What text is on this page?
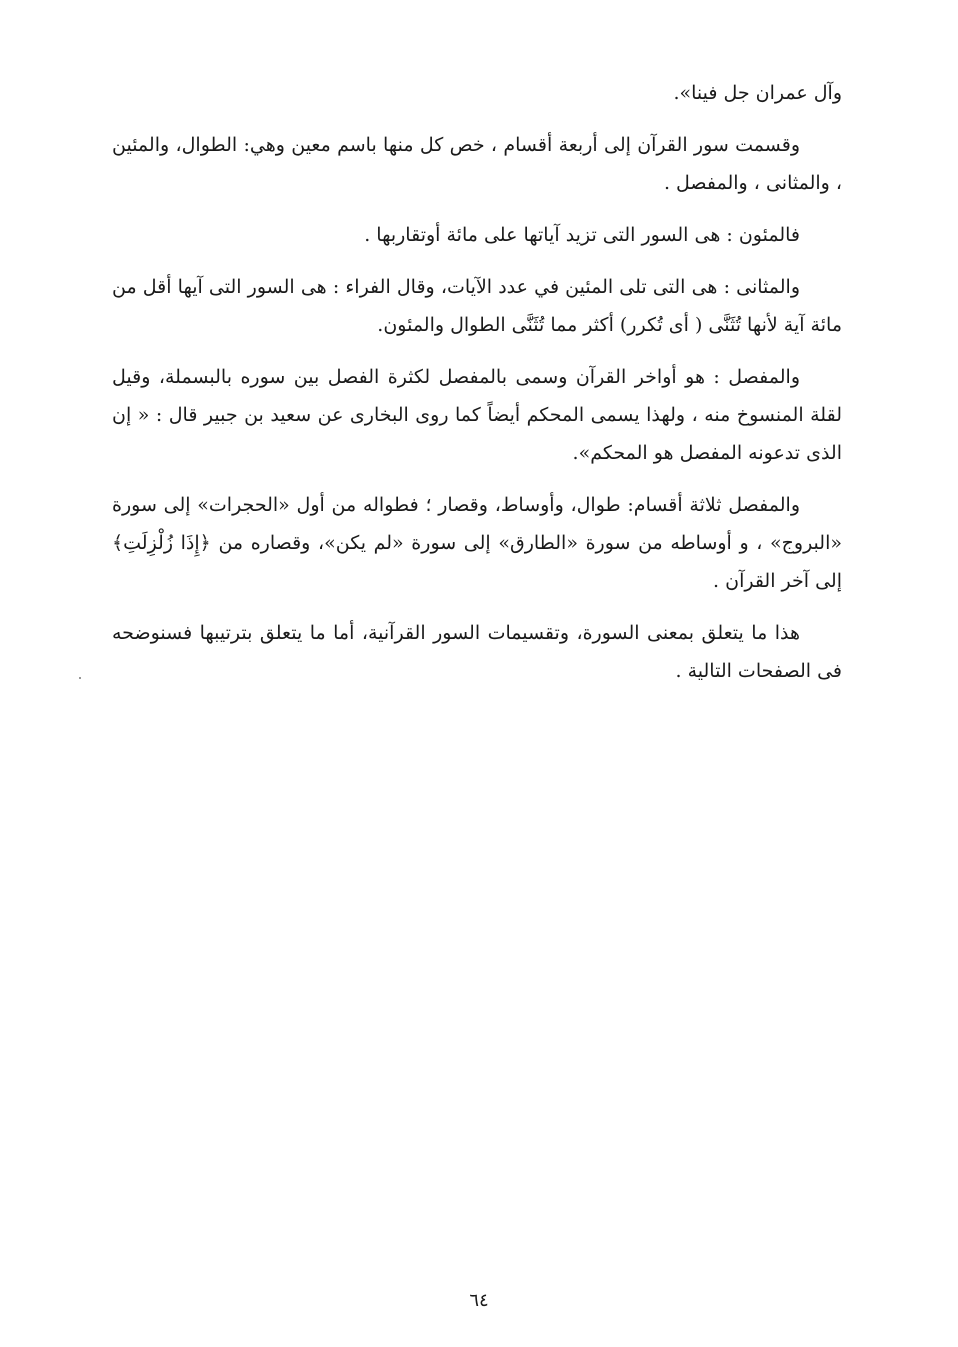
وآل عمران جل فينا».

وقسمت سور القرآن إلى أربعة أقسام ، خص كل منها باسم معين وهي: الطوال، والمئين ، والمثانى ، والمفصل .

فالمئون : هى السور التى تزيد آياتها على مائة أوتقاربها .

والمثانى : هى التى تلى المئين في عدد الآيات، وقال الفراء : هى السور التى آيها أقل من مائة آية لأنها تُثَنَّى ( أى تُكرر) أكثر مما تُثَنَّى الطوال والمئون.

والمفصل : هو أواخر القرآن وسمى بالمفصل لكثرة الفصل بين سوره بالبسملة، وقيل لقلة المنسوخ منه ، ولهذا يسمى المحكم أيضاً كما روى البخارى عن سعيد بن جبير قال : « إن الذى تدعونه المفصل هو المحكم».

والمفصل ثلاثة أقسام: طوال، وأوساط، وقصار ؛ فطواله من أول «الحجرات» إلى سورة «البروج» ، و أوساطه من سورة «الطارق» إلى سورة «لم يكن»، وقصاره من ﴿إِذَا زُلْزِلَتِ﴾ إلى آخر القرآن .

هذا ما يتعلق بمعنى السورة، وتقسيمات السور القرآنية، أما ما يتعلق بترتيبها فسنوضحه فى الصفحات التالية .

٦٤
